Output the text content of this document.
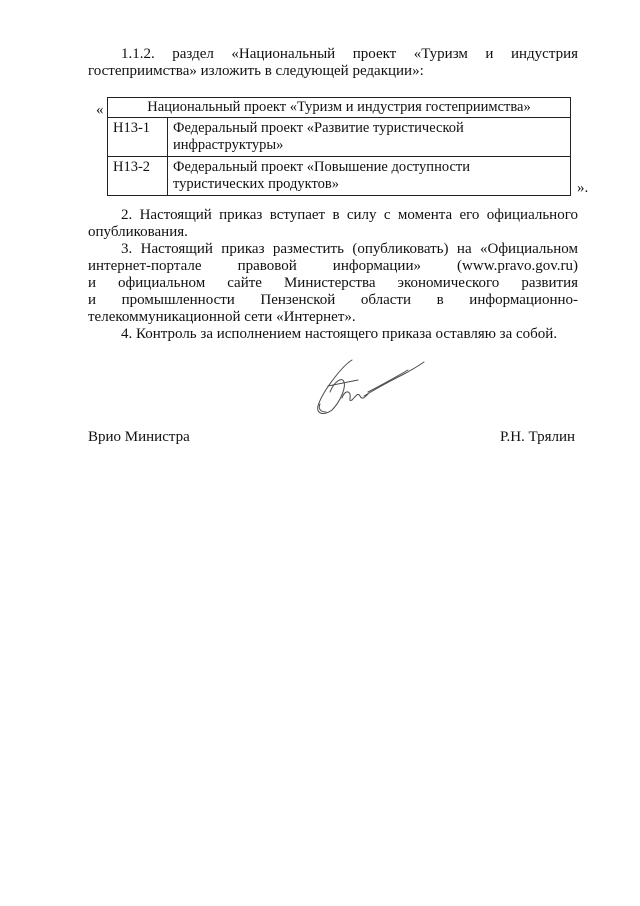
1.1.2. раздел «Национальный проект «Туризм и индустрия
гостеприимства» изложить в следующей редакции»:
«	Национальный проект «Туризм и индустрия гостеприимства»	
Н13-1	Федеральный проект «Развитие туристической
инфраструктуры»
Н13-2	Федеральный проект «Повышение доступности
туристических продуктов»	».
2. Настоящий приказ вступает в силу с момента его официального
опубликования.
3. Настоящий приказ разместить (опубликовать) на «Официальном
интернет-портале правовой информации» (www.pravo.gov.ru)
и официальном сайте Министерства экономического развития
и промышленности Пензенской области в информационно-
телекоммуникационной сети «Интернет».
4. Контроль за исполнением настоящего приказа оставляю за собой.
Врио Министра	Р.Н. Трялин
